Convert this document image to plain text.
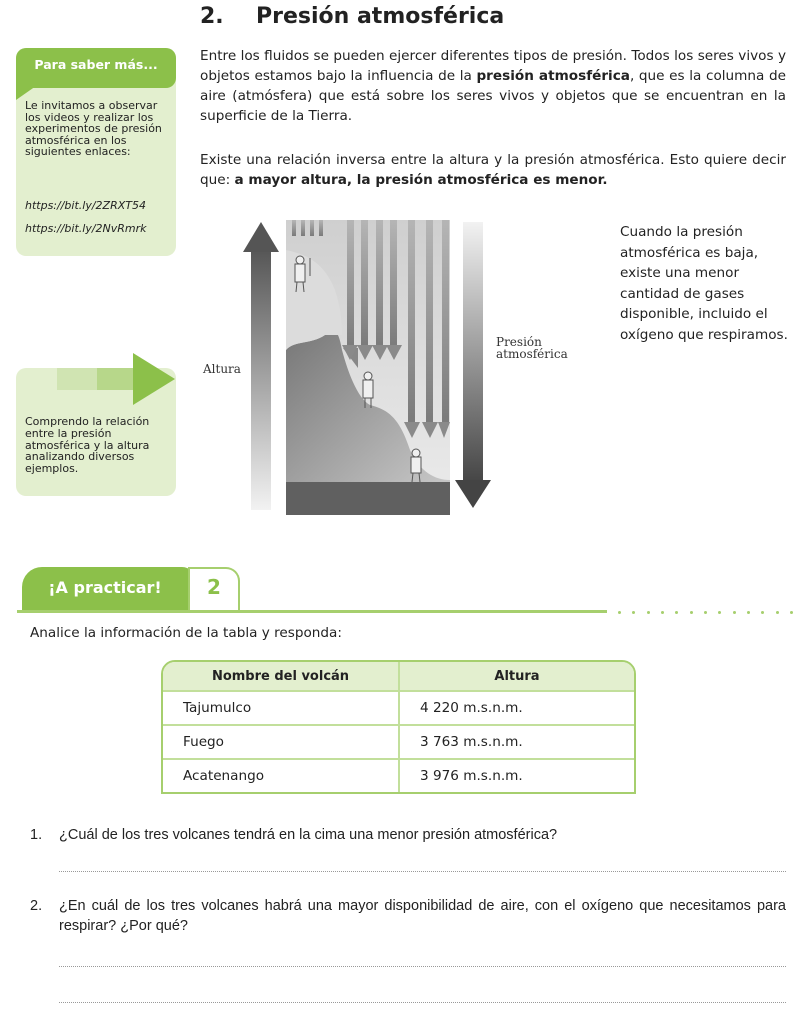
2. Presión atmosférica
Para saber más...
Le invitamos a observar los videos y realizar los experimentos de presión atmosférica en los siguientes enlaces:
https://bit.ly/2ZRXT54
https://bit.ly/2NvRmrk
Comprendo la relación entre la presión atmosférica y la altura analizando diversos ejemplos.

Entre los fluidos se pueden ejercer diferentes tipos de presión. Todos los seres vivos y objetos estamos bajo la influencia de la presión atmosférica, que es la columna de aire (atmósfera) que está sobre los seres vivos y objetos que se encuentran en la superficie de la Tierra.

Existe una relación inversa entre la altura y la presión atmosférica. Esto quiere decir que: a mayor altura, la presión atmosférica es menor.

Altura
Presión
atmosférica
Cuando la presión atmosférica es baja, existe una menor cantidad de gases disponible, incluido el oxígeno que respiramos.
¡A practicar!	2
Analice la información de la tabla y responda:
Nombre del volcán	Altura
Tajumulco	4 220 m.s.n.m.
Fuego	3 763 m.s.n.m.
Acatenango	3 976 m.s.n.m.
1. ¿Cuál de los tres volcanes tendrá en la cima una menor presión atmosférica?
2.	¿En cuál de los tres volcanes habrá una mayor disponibilidad de aire, con el oxígeno que necesitamos para respirar? ¿Por qué?
